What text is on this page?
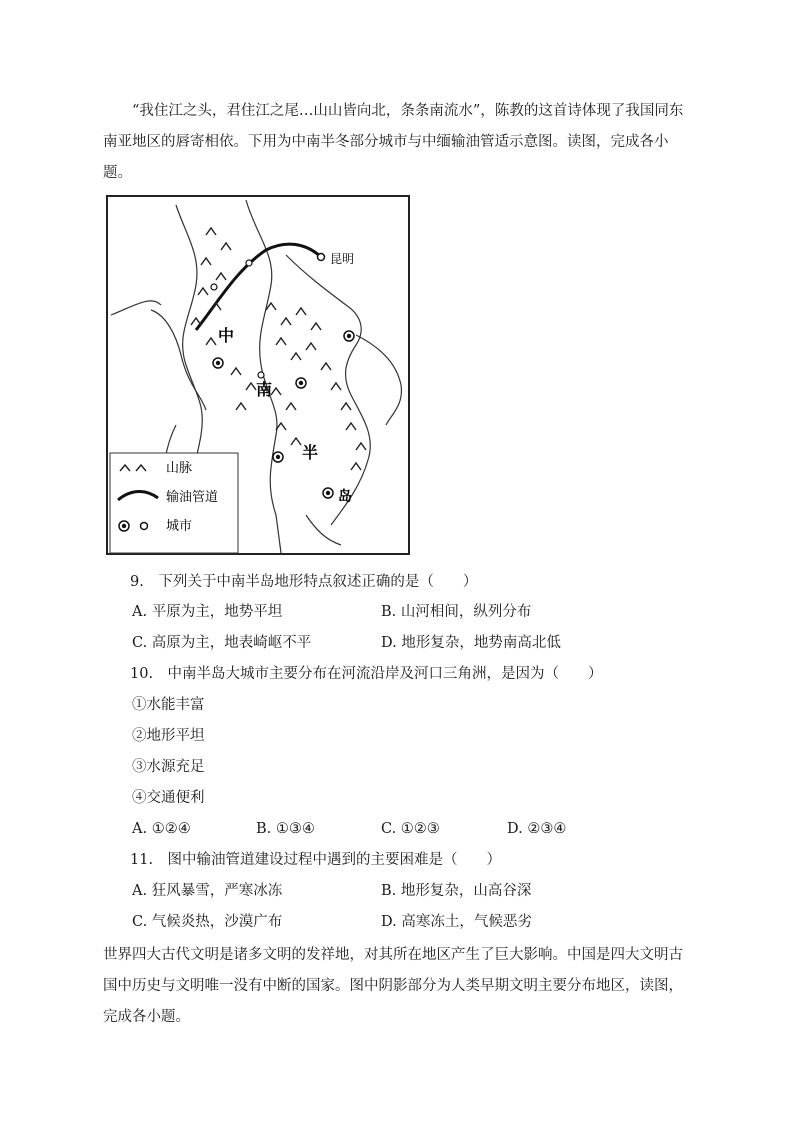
“我住江之头，君住江之尾…山山皆向北，条条南流水”，陈教的这首诗体现了我国同东南亚地区的唇寄相依。下用为中南半冬部分城市与中缅输油管适示意图。读图，完成各小题。
昆明
中
南
半
岛
山脉
输油管道
城市
9.　下列关于中南半岛地形特点叙述正确的是（　　）
A. 平原为主，地势平坦	B. 山河相间，纵列分布
C. 高原为主，地表崎岖不平	D. 地形复杂，地势南高北低
10.　中南半岛大城市主要分布在河流沿岸及河口三角洲，是因为（　　）
①水能丰富
②地形平坦
③水源充足
④交通便利
A. ①②④	B. ①③④	C. ①②③	D. ②③④
11.　图中输油管道建设过程中遇到的主要困难是（　　）
A. 狂风暴雪，严寒冰冻	B. 地形复杂，山高谷深
C. 气候炎热，沙漠广布	D. 高寒冻土，气候恶劣
世界四大古代文明是诸多文明的发祥地，对其所在地区产生了巨大影响。中国是四大文明古国中历史与文明唯一没有中断的国家。图中阴影部分为人类早期文明主要分布地区，读图，完成各小题。
